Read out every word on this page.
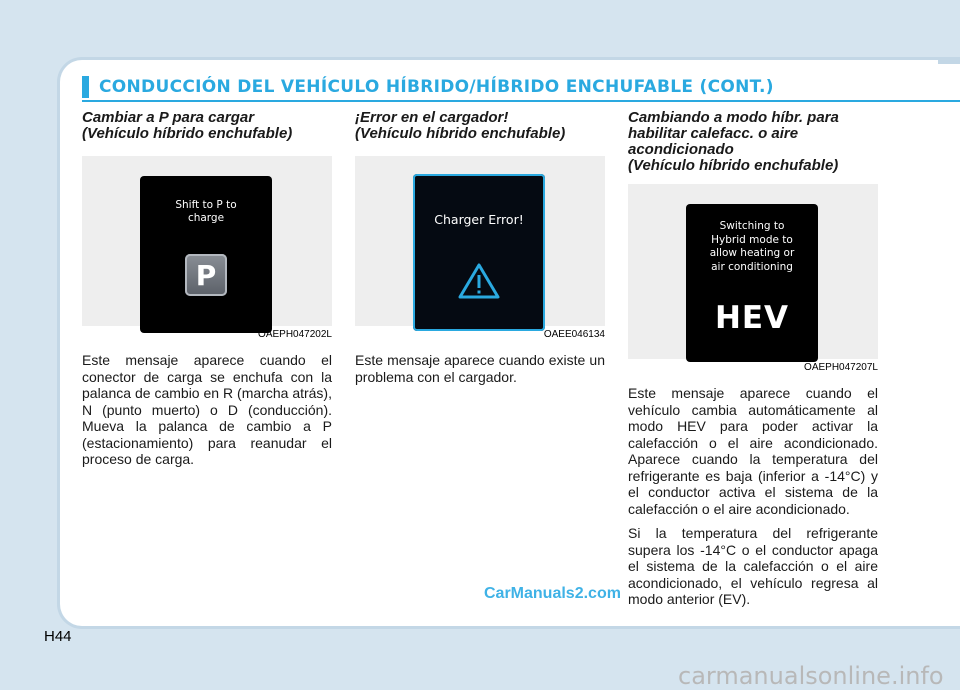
CONDUCCIÓN DEL VEHÍCULO HÍBRIDO/HÍBRIDO ENCHUFABLE (CONT.)
Cambiar a P para cargar
(Vehículo híbrido enchufable)
Shift to P to
charge
P
OAEPH047202L

Este mensaje aparece cuando el conector de carga se enchufa con la palanca de cambio en R (marcha atrás), N (punto muerto) o D (conducción). Mueva la palanca de cambio a P (estacionamiento) para reanudar el proceso de carga.

¡Error en el cargador!
(Vehículo híbrido enchufable)
Charger Error!
OAEE046134

Este mensaje aparece cuando existe un problema con el cargador.

Cambiando a modo híbr. para
habilitar calefacc. o aire
acondicionado
(Vehículo híbrido enchufable)
Switching to
Hybrid mode to
allow heating or
air conditioning
HEV
OAEPH047207L

Este mensaje aparece cuando el vehículo cambia automáticamente al modo HEV para poder activar la calefacción o el aire acondicionado. Aparece cuando la temperatura del refrigerante es baja (inferior a -14°C) y el conductor activa el sistema de la calefacción o el aire acondicionado.

Si la temperatura del refrigerante supera los -14°C o el conductor apaga el sistema de la calefacción o el aire acondicionado, el vehículo regresa al modo anterior (EV).

CarManuals2.com
H44
carmanualsonline.info
